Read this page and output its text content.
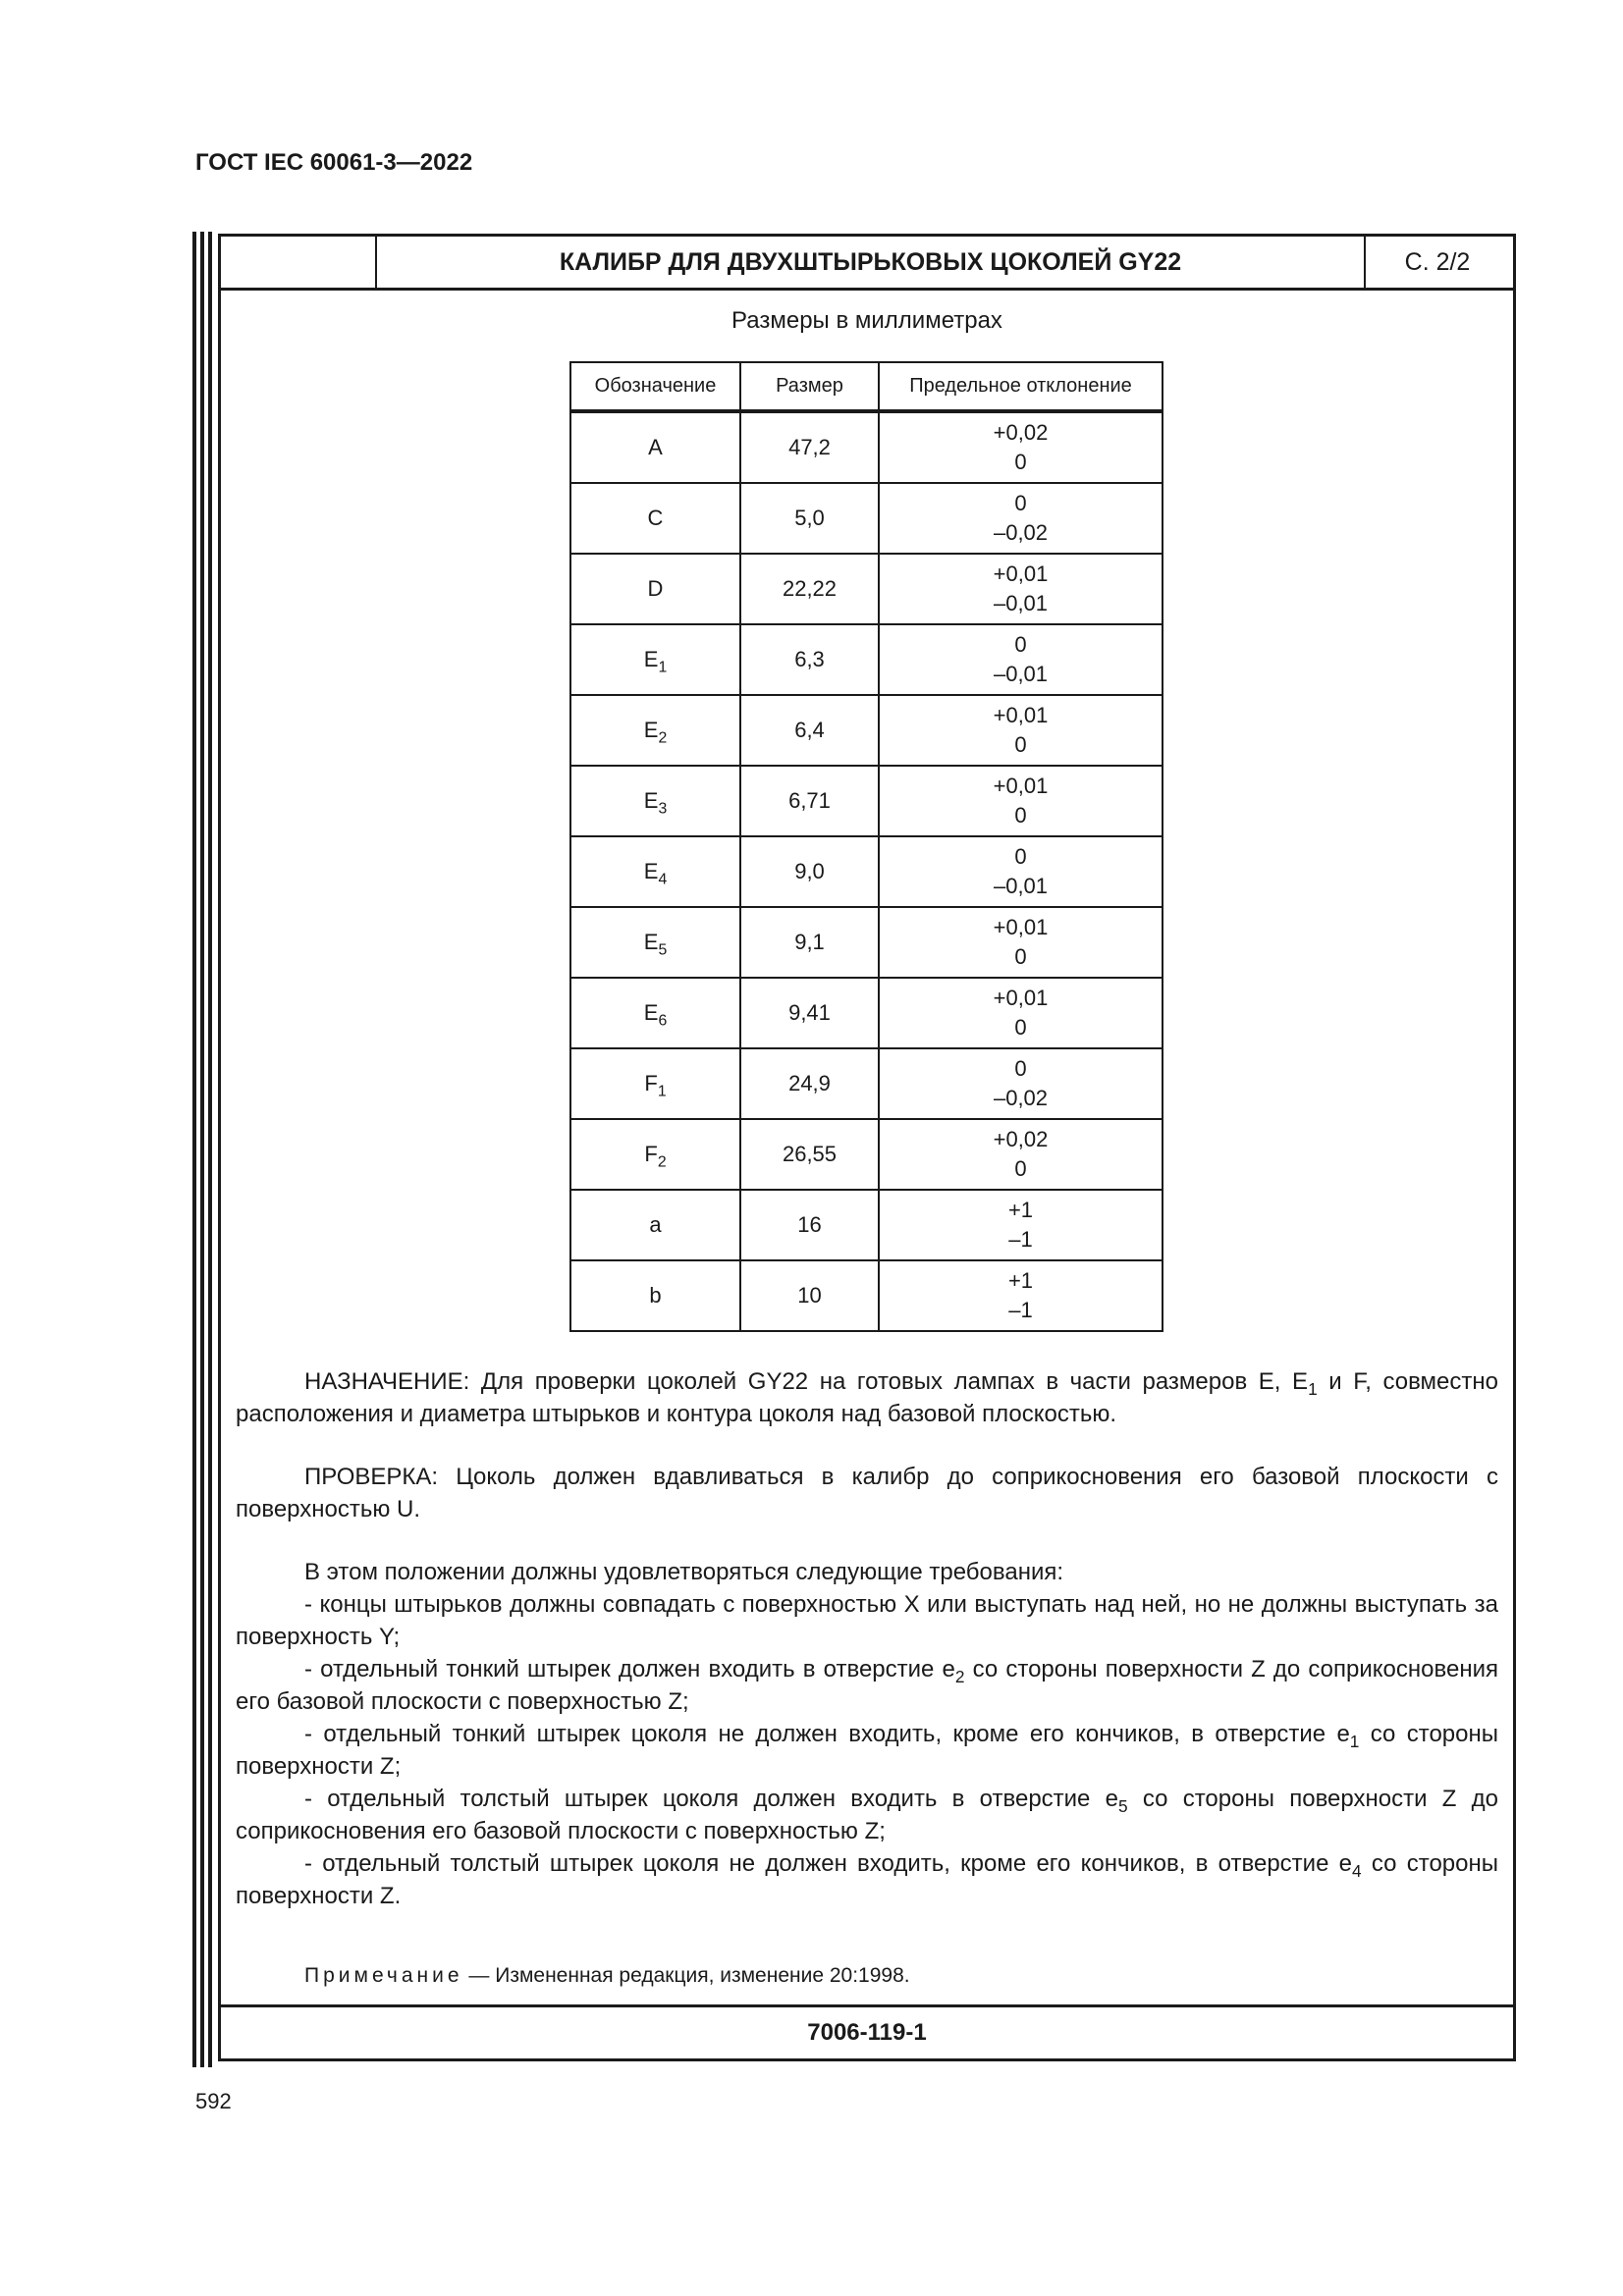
ГОСТ IEC 60061-3—2022
КАЛИБР ДЛЯ ДВУХШТЫРЬКОВЫХ ЦОКОЛЕЙ GY22	С. 2/2
Размеры в миллиметрах
Обозначение	Размер	Предельное отклонение
A	47,2	+0,02
0

C	5,0	0
–0,02

D	22,22	+0,01
–0,01

$E_1$	6,3	0
–0,01

$E_2$	6,4	+0,01
0

$E_3$	6,71	+0,01
0

$E_4$	9,0	0
–0,01

$E_5$	9,1	+0,01
0

$E_6$	9,41	+0,01
0

$F_1$	24,9	0
–0,02

$F_2$	26,55	+0,02
0

a	16	+1
–1

b	10	+1
–1

НАЗНАЧЕНИЕ: Для проверки цоколей GY22 на готовых лампах в части размеров E, $E_1$ и F, совместно расположения и диаметра штырьков и контура цоколя над базовой плоскостью.

ПРОВЕРКА: Цоколь должен вдавливаться в калибр до соприкосновения его базовой плоскости с поверхностью U.

В этом положении должны удовлетворяться следующие требования:

- концы штырьков должны совпадать с поверхностью X или выступать над ней, но не должны выступать за поверхность Y;

- отдельный тонкий штырек должен входить в отверстие $e_2$ со стороны поверхности Z до соприкосновения его базовой плоскости с поверхностью Z;

- отдельный тонкий штырек цоколя не должен входить, кроме его кончиков, в отверстие $e_1$ со стороны поверхности Z;

- отдельный толстый штырек цоколя должен входить в отверстие $e_5$ со стороны поверхности Z до соприкосновения его базовой плоскости с поверхностью Z;

- отдельный толстый штырек цоколя не должен входить, кроме его кончиков, в отверстие $e_4$ со стороны поверхности Z.

Примечание — Измененная редакция, изменение 20:1998.

7006-119-1
592
